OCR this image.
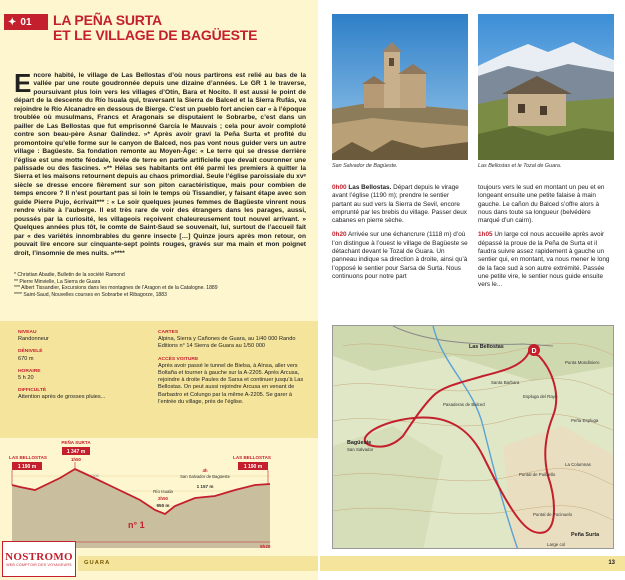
✦ 01 LA PEÑA SURTA
ET LE VILLAGE DE BAGÜESTE
E ncore habité, le village de Las Bellostas d’où nous partirons est relié au bas de la vallée par une route goudronnée depuis une dizaine d’années. Le GR 1 le traverse, poursuivant plus loin vers les villages d’Otín, Bara et Nocito. Il est aussi le point de départ de la descente du Río Isuala qui, traversant la Sierra de Balced et la Sierra Rufás, va rejoindre le Río Alcanadre en dessous de Bierge. C’est un pueblo fort ancien car « à l’époque troublée où musulmans, Francs et Aragonais se disputaient le Sobrarbe, c’est dans un pailler de Las Bellostas que fut emprisonné García le Mauvais ; cela pour avoir comploté contre son beau-père Asnar Galindez. »* Après avoir gravi la Peña Surta et profité du promontoire qu’elle forme sur le canyon de Balced, nos pas vont nous guider vers un autre village : Bagüeste. Sa fondation remonte au Moyen-Âge: « Le terre qui se dresse derrière l’église est une motte féodale, levée de terre en partie artificielle que devait couronner une palissade ou des fascines. »** Hélas ses habitants ont été parmi les premiers à quitter la Sierra et les maisons retournent depuis au chaos primordial. Seule l’église paroissiale du xvᵉ siècle se dresse encore fièrement sur son piton caractéristique, mais pour combien de temps encore ? Il n’est pourtant pas si loin le temps où Tissandier, y faisant étape avec son guide Pierre Pujo, écrivait*** : « Le soir quelques jeunes femmes de Bagüeste vinrent nous rendre visite à l’auberge. Il est très rare de voir des étrangers dans les parages, aussi, poussés par la curiosité, les villageois reçoivent chaleureusement tout nouvel arrivant. » Quelques années plus tôt, le comte de Saint-Saud se souvenait, lui, surtout de l’accueil fait par « des variétés innombrables du genre insecte […] Quinze jours après mon retour, on pouvait lire encore sur cinquante-sept points rouges, gravés sur ma main et mon poignet droit, l’insomnie de mes nuits. »****
* Christian Abadie, Bulletin de la société Ramond
** Pierre Minvielle, La Sierra de Guara
*** Albert Tissandier, Excursions dans les montagnes de l’Aragon et de la Catalogne. 1889
**** Saint-Saud, Nouvelles courses en Sobrarbe et Ribagorze, 1883
NIVEAU
Randonneur
DÉNIVELÉ
670 m
HORAIRE
5 h 20
DIFFICULTÉ
Attention après de grosses pluies...
CARTES
Alpina, Sierra y Cañones de Guara, au 1/40 000 Rando Editions n° 14 Sierra de Guara au 1/50 000
ACCÈS VOITURE
Après avoir passé le tunnel de Bielsa, à Aïnsa, aller vers Boltaña et tourner à gauche sur la A-2205. Après Arcusa, rejoindre à droite Paules de Sarsa et continuer jusqu’à Las Bellostas. On peut aussi rejoindre Arcusa en venant de Barbastro et Colungo par la même A-2205. Se garer à l’entrée du village, près de l’église.
1300
LAS BELLOSTAS
1 190 m
PEÑA SURTA
1 347 m
1h50	LAS BELLOSTAS
1 190 m
Río Isuala
2h50
950 m
San Salvador de Bagüeste
1 157 m
4h
n° 1
5h20
NOSTROMO
WEB COMPTOIR DES VOYAGEURS GUARA
San Salvador de Bagüeste.	Las Bellostas et le Tozal de Guara.
0h00 Las Bellostas. Départ depuis le virage avant l’église (1190 m); prendre le sentier partant au sud vers la Sierra de Sevil, encore emprunté par les brebis du village. Passer deux cabanes en pierre sèche.
0h20 Arrivée sur une échancrure (1118 m) d’où l’on distingue à l’ouest le village de Bagüeste se détachant devant le Tozal de Guara. Un panneau indique sa direction à droite, ainsi qu’à l’opposé le sentier pour Sarsa de Surta. Nous continuons pour notre part
toujours vers le sud en montant un peu et en longeant ensuite une petite falaise à main gauche. Le cañon du Balced s’offre alors à nous dans toute sa longueur (belvédère marqué d’un cairn).
1h05 Un large col nous accueille après avoir dépassé la proue de la Peña de Surta et il faudra suivre assez rapidement à gauche un sentier qui, en montant, va nous mener le long de la face sud à son autre extrémité. Passée une petite vire, le sentier nous guide ensuite vers le...
D
Las Bellostas
Bagüeste
Peña Surta
San Salvador
Pasaderas de Balced
Santa Barbara
Espluga del Rayo
Peña Espluga
Punta Mondiniero
Puntal de Pocinuelo
Puntal de Puibiello
La Columnas
Large col
13
